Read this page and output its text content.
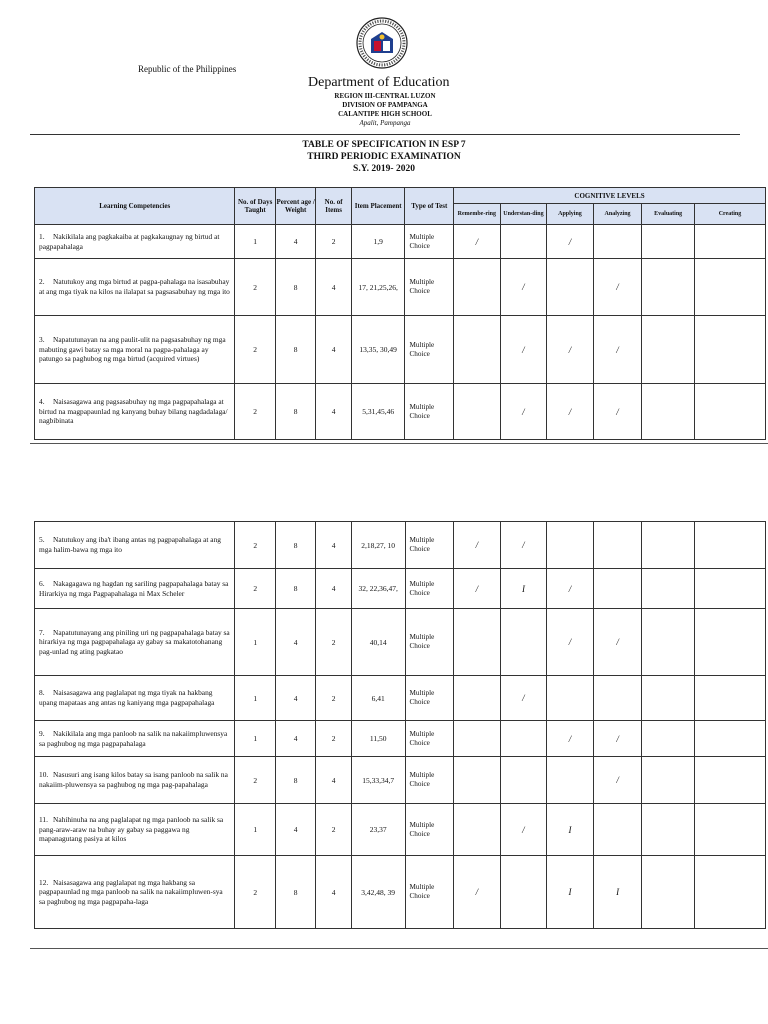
Republic of the Philippines
Department of Education
REGION III-CENTRAL LUZON
DIVISION OF PAMPANGA
CALANTIPE HIGH SCHOOL
Apalit, Pampanga
TABLE OF SPECIFICATION IN ESP 7
THIRD PERIODIC EXAMINATION
S.Y. 2019- 2020
Learning Competencies	No. of Days Taught	Percent age / Weight	No. of Items	Item Placement	Type of Test	COGNITIVE LEVELS					
						Remembe-ring	Understan-ding	Applying	Analyzing	Evaluating	Creating
1. Nakikilala ang pagkakaiba at pagkakaugnay ng birtud at pagpapahalaga	1	4	2	1,9	Multiple Choice	/		/			
2. Natutukoy ang mga birtud at pagpa-pahalaga na isasabuhay at ang mga tiyak na kilos na ilalapat sa pagsasabuhay ng mga ito	2	8	4	17, 21,25,26,	Multiple Choice		/		/		
3. Napatutunayan na ang paulit-ulit na pagsasabuhay ng mga mabuting gawi batay sa mga moral na pagpa-pahalaga ay patungo sa paghubog ng mga birtud (acquired virtues)	2	8	4	13,35, 30,49	Multiple Choice		/	/	/		
4. Naisasagawa ang pagsasabuhay ng mga pagpapahalaga at birtud na magpapaunlad ng kanyang buhay bilang nagdadalaga/ nagbibinata	2	8	4	5,31,45,46	Multiple Choice		/	/	/		
5. Natutukoy ang iba't ibang antas ng pagpapahalaga at ang mga halim-bawa ng mga ito	2	8	4	2,18,27, 10	Multiple Choice	/	/				
6. Nakagagawa ng hagdan ng sariling pagpapahalaga batay sa Hirarkiya ng mga Pagpapahalaga ni Max Scheler	2	8	4	32, 22,36,47,	Multiple Choice	/	I	/			
7. Napatutunayang ang piniling uri ng pagpapahalaga batay sa hirarkiya ng mga pagpapahalaga ay gabay sa makatotohanang pag-unlad ng ating pagkatao	1	4	2	40,14	Multiple Choice			/	/		
8. Naisasagawa ang paglalapat ng mga tiyak na hakbang upang mapataas ang antas ng kaniyang mga pagpapahalaga	1	4	2	6,41	Multiple Choice		/				
9. Nakikilala ang mga panloob na salik na nakaiimpluwensya sa paghubog ng mga pagpapahalaga	1	4	2	11,50	Multiple Choice			/	/		
10. Nasusuri ang isang kilos batay sa isang panloob na salik na nakaiim-pluwensya sa paghubog ng mga pag-papahalaga	2	8	4	15,33,34,7	Multiple Choice				/		
11. Nahihinuha na ang paglalapat ng mga panloob na salik sa pang-araw-araw na buhay ay gabay sa paggawa ng mapanagutang pasiya at kilos	1	4	2	23,37	Multiple Choice		/	I			
12. Naisasagawa ang paglalapat ng mga hakbang sa pagpapaunlad ng mga panloob na salik na nakaiimpluwen-sya sa paghubog ng mga pagpapaha-laga	2	8	4	3,42,48, 39	Multiple Choice	/		I	I		
